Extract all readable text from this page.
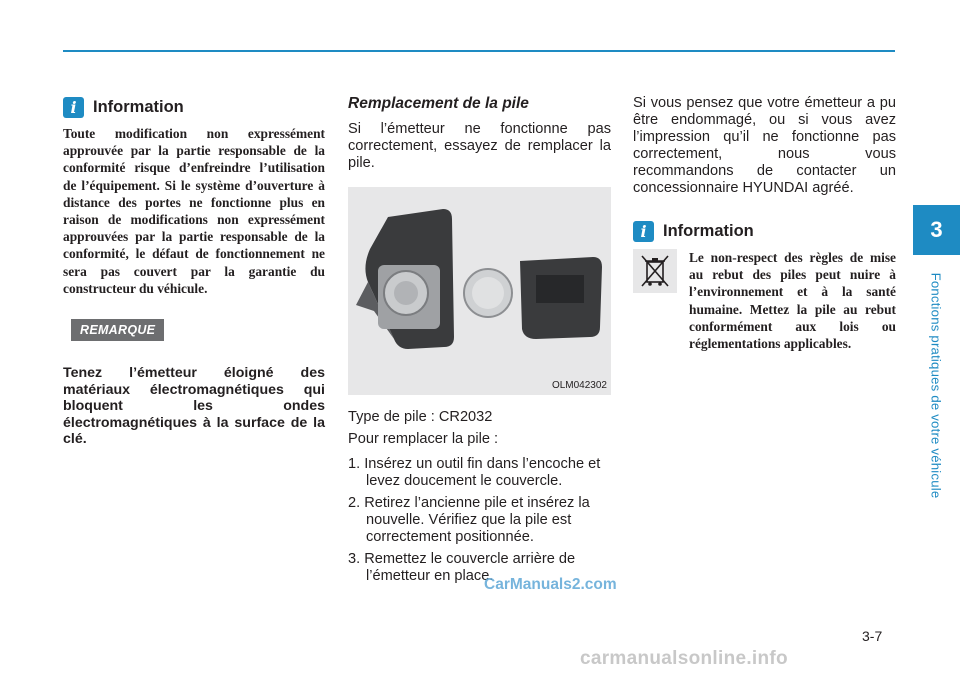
i Information
Toute modification non expressément approuvée par la partie responsable de la conformité risque d’enfreindre l’utilisation de l’équipement. Si le système d’ouverture à distance des portes ne fonctionne plus en raison de modifications non expressément approuvées par la partie responsable de la conformité, le défaut de fonctionnement ne sera pas couvert par la garantie du constructeur du véhicule.
REMARQUE
Tenez l’émetteur éloigné des matériaux électromagnétiques qui bloquent les ondes électromagnétiques à la surface de la clé.
Remplacement de la pile

Si l’émetteur ne fonctionne pas correctement, essayez de remplacer la pile.

OLM042302

Type de pile : CR2032

Pour remplacer la pile :

1. Insérez un outil fin dans l’encoche et levez doucement le couvercle.
2. Retirez l’ancienne pile et insérez la nouvelle. Vérifiez que la pile est correctement positionnée.
3. Remettez le couvercle arrière de l’émetteur en place.

Si vous pensez que votre émetteur a pu être endommagé, ou si vous avez l’impression qu’il ne fonctionne pas correctement, nous vous recommandons de contacter un concessionnaire HYUNDAI agréé.

i Information
Le non-respect des règles de mise au rebut des piles peut nuire à l’environnement et à la santé humaine. Mettez la pile au rebut conformément aux lois ou réglementations applicables.
3
Fonctions pratiques de votre véhicule
3-7
CarManuals2.com
carmanualsonline.info
